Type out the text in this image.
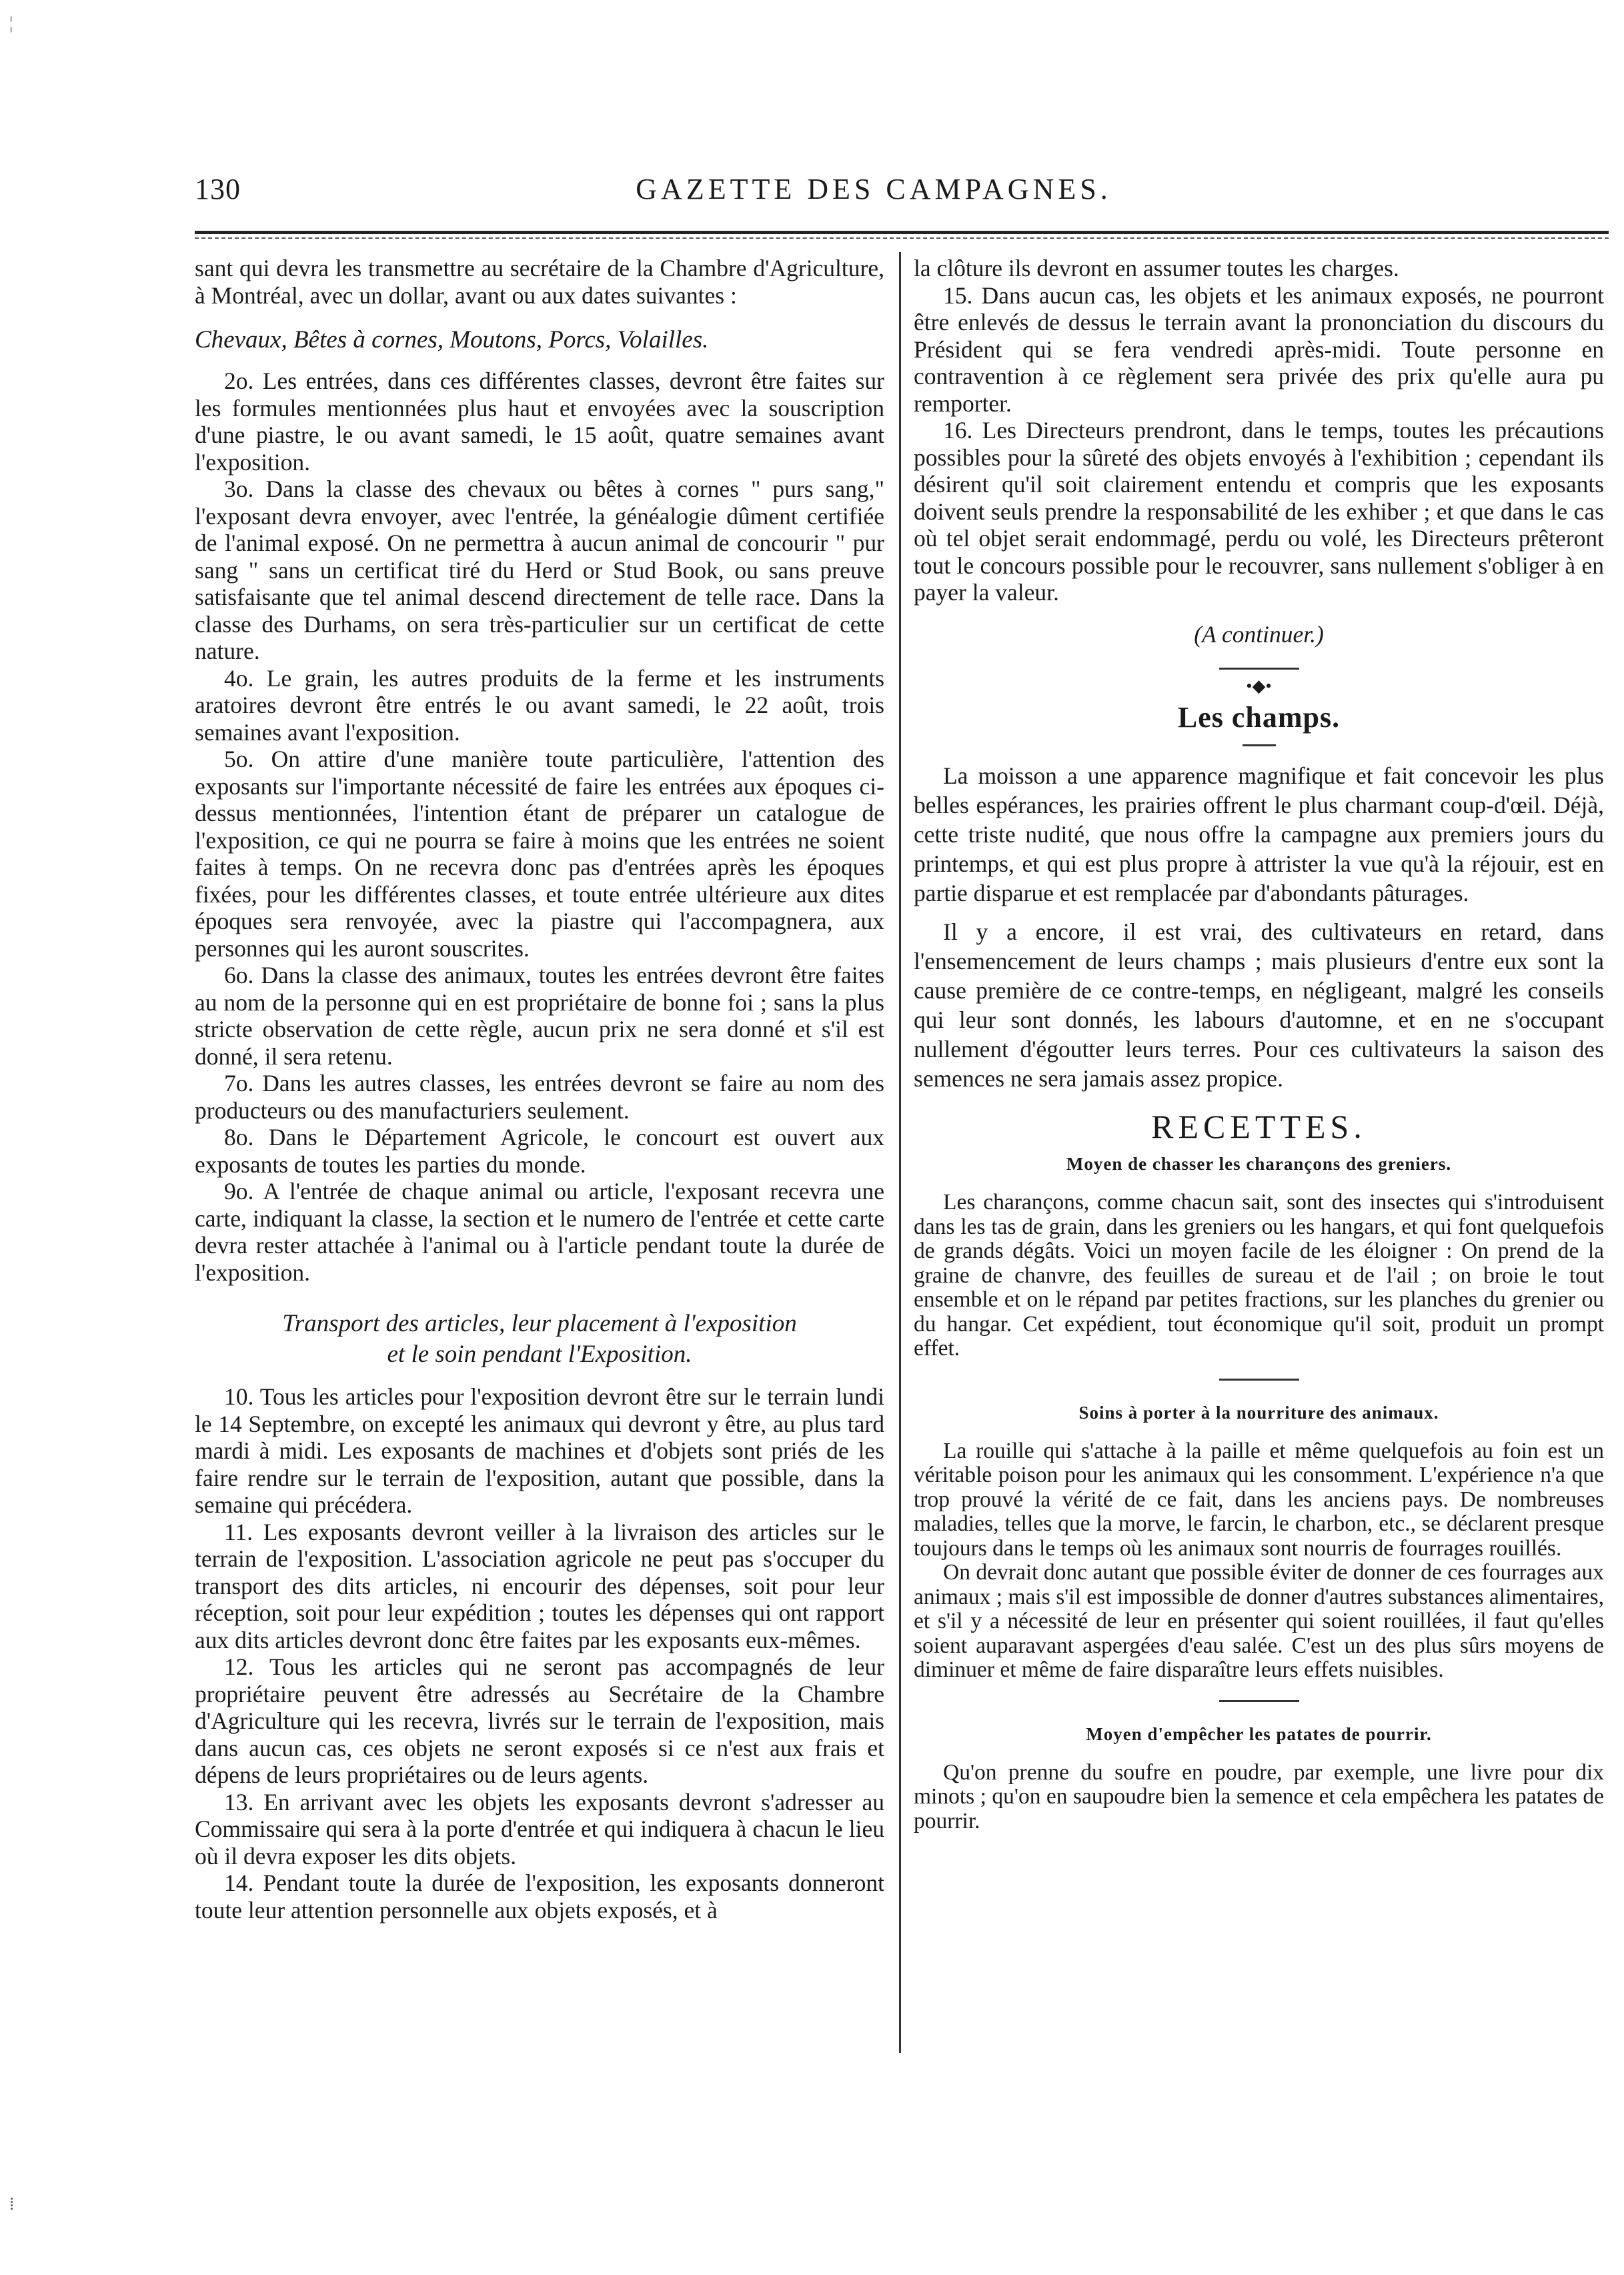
¦
⁞
130	GAZETTE DES CAMPAGNES.

sant qui devra les transmettre au secrétaire de la Chambre d'Agriculture, à Montréal, avec un dollar, avant ou aux dates suivantes :

Chevaux, Bêtes à cornes, Moutons, Porcs, Volailles.

2o. Les entrées, dans ces différentes classes, devront être faites sur les formules mentionnées plus haut et envoyées avec la souscription d'une piastre, le ou avant samedi, le 15 août, quatre semaines avant l'exposition.

3o. Dans la classe des chevaux ou bêtes à cornes " purs sang," l'exposant devra envoyer, avec l'entrée, la généalogie dûment certifiée de l'animal exposé. On ne permettra à aucun animal de concourir " pur sang " sans un certificat tiré du Herd or Stud Book, ou sans preuve satisfaisante que tel animal descend directement de telle race. Dans la classe des Durhams, on sera très-particulier sur un certificat de cette nature.

4o. Le grain, les autres produits de la ferme et les instruments aratoires devront être entrés le ou avant samedi, le 22 août, trois semaines avant l'exposition.

5o. On attire d'une manière toute particulière, l'attention des exposants sur l'importante nécessité de faire les entrées aux époques ci-dessus mentionnées, l'intention étant de préparer un catalogue de l'exposition, ce qui ne pourra se faire à moins que les entrées ne soient faites à temps. On ne recevra donc pas d'entrées après les époques fixées, pour les différentes classes, et toute entrée ultérieure aux dites époques sera renvoyée, avec la piastre qui l'accompagnera, aux personnes qui les auront souscrites.

6o. Dans la classe des animaux, toutes les entrées devront être faites au nom de la personne qui en est propriétaire de bonne foi ; sans la plus stricte observation de cette règle, aucun prix ne sera donné et s'il est donné, il sera retenu.

7o. Dans les autres classes, les entrées devront se faire au nom des producteurs ou des manufacturiers seulement.

8o. Dans le Département Agricole, le concourt est ouvert aux exposants de toutes les parties du monde.

9o. A l'entrée de chaque animal ou article, l'exposant recevra une carte, indiquant la classe, la section et le numero de l'entrée et cette carte devra rester attachée à l'animal ou à l'article pendant toute la durée de l'exposition.

Transport des articles, leur placement à l'exposition
et le soin pendant l'Exposition.

10. Tous les articles pour l'exposition devront être sur le terrain lundi le 14 Septembre, on excepté les animaux qui devront y être, au plus tard mardi à midi. Les exposants de machines et d'objets sont priés de les faire rendre sur le terrain de l'exposition, autant que possible, dans la semaine qui précédera.

11. Les exposants devront veiller à la livraison des articles sur le terrain de l'exposition. L'association agricole ne peut pas s'occuper du transport des dits articles, ni encourir des dépenses, soit pour leur réception, soit pour leur expédition ; toutes les dépenses qui ont rapport aux dits articles devront donc être faites par les exposants eux-mêmes.

12. Tous les articles qui ne seront pas accompagnés de leur propriétaire peuvent être adressés au Secrétaire de la Chambre d'Agriculture qui les recevra, livrés sur le terrain de l'exposition, mais dans aucun cas, ces objets ne seront exposés si ce n'est aux frais et dépens de leurs propriétaires ou de leurs agents.

13. En arrivant avec les objets les exposants devront s'adresser au Commissaire qui sera à la porte d'entrée et qui indiquera à chacun le lieu où il devra exposer les dits objets.

14. Pendant toute la durée de l'exposition, les exposants donneront toute leur attention personnelle aux objets exposés, et à

la clôture ils devront en assumer toutes les charges.

15. Dans aucun cas, les objets et les animaux exposés, ne pourront être enlevés de dessus le terrain avant la prononciation du discours du Président qui se fera vendredi après-midi. Toute personne en contravention à ce règlement sera privée des prix qu'elle aura pu remporter.

16. Les Directeurs prendront, dans le temps, toutes les précautions possibles pour la sûreté des objets envoyés à l'exhibition ; cependant ils désirent qu'il soit clairement entendu et compris que les exposants doivent seuls prendre la responsabilité de les exhiber ; et que dans le cas où tel objet serait endommagé, perdu ou volé, les Directeurs prêteront tout le concours possible pour le recouvrer, sans nullement s'obliger à en payer la valeur.

(A continuer.)

•◆•
Les champs.

La moisson a une apparence magnifique et fait concevoir les plus belles espérances, les prairies offrent le plus charmant coup-d'œil. Déjà, cette triste nudité, que nous offre la campagne aux premiers jours du printemps, et qui est plus propre à attrister la vue qu'à la réjouir, est en partie disparue et est remplacée par d'abondants pâturages.

Il y a encore, il est vrai, des cultivateurs en retard, dans l'ensemencement de leurs champs ; mais plusieurs d'entre eux sont la cause première de ce contre-temps, en négligeant, malgré les conseils qui leur sont donnés, les labours d'automne, et en ne s'occupant nullement d'égoutter leurs terres. Pour ces cultivateurs la saison des semences ne sera jamais assez propice.

RECETTES.
Moyen de chasser les charançons des greniers.

Les charançons, comme chacun sait, sont des insectes qui s'introduisent dans les tas de grain, dans les greniers ou les hangars, et qui font quelquefois de grands dégâts. Voici un moyen facile de les éloigner : On prend de la graine de chanvre, des feuilles de sureau et de l'ail ; on broie le tout ensemble et on le répand par petites fractions, sur les planches du grenier ou du hangar. Cet expédient, tout économique qu'il soit, produit un prompt effet.

Soins à porter à la nourriture des animaux.

La rouille qui s'attache à la paille et même quelquefois au foin est un véritable poison pour les animaux qui les consomment. L'expérience n'a que trop prouvé la vérité de ce fait, dans les anciens pays. De nombreuses maladies, telles que la morve, le farcin, le charbon, etc., se déclarent presque toujours dans le temps où les animaux sont nourris de fourrages rouillés.

On devrait donc autant que possible éviter de donner de ces fourrages aux animaux ; mais s'il est impossible de donner d'autres substances alimentaires, et s'il y a nécessité de leur en présenter qui soient rouillées, il faut qu'elles soient auparavant aspergées d'eau salée. C'est un des plus sûrs moyens de diminuer et même de faire disparaître leurs effets nuisibles.

Moyen d'empêcher les patates de pourrir.

Qu'on prenne du soufre en poudre, par exemple, une livre pour dix minots ; qu'on en saupoudre bien la semence et cela empêchera les patates de pourrir.
